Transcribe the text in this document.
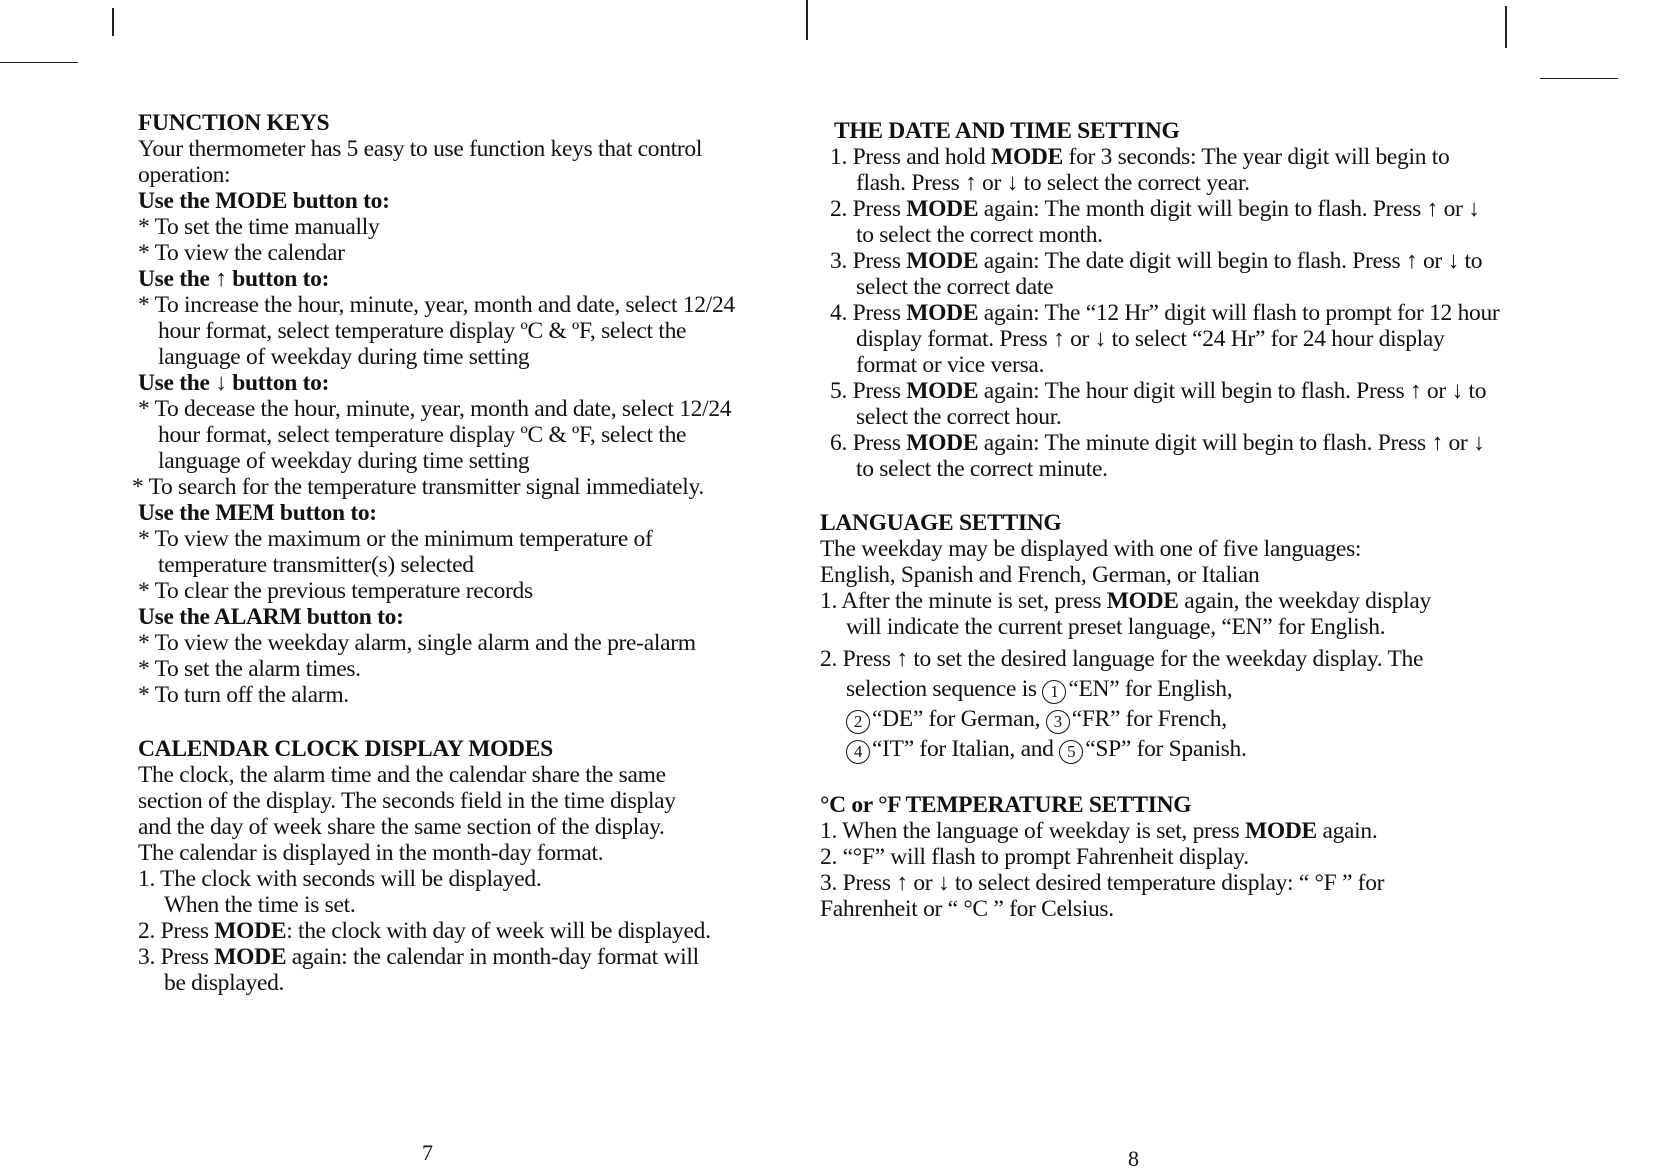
FUNCTION KEYS

Your thermometer has 5 easy to use function keys that control operation:

Use the MODE button to:
* To set the time manually
* To view the calendar
Use the ↑ button to:
* To increase the hour, minute, year, month and date, select 12/24 hour format, select temperature display ºC & ºF, select the language of weekday during time setting
Use the ↓ button to:
* To decease the hour, minute, year, month and date, select 12/24 hour format, select temperature display ºC & ºF, select the language of weekday during time setting
* To search for the temperature transmitter signal immediately.
Use the MEM button to:
* To view the maximum or the minimum temperature of temperature transmitter(s) selected
* To clear the previous temperature records
Use the ALARM button to:
* To view the weekday alarm, single alarm and the pre-alarm
* To set the alarm times.
* To turn off the alarm.
CALENDAR CLOCK DISPLAY MODES

The clock, the alarm time and the calendar share the same section of the display. The seconds field in the time display and the day of week share the same section of the display. The calendar is displayed in the month-day format.

1. The clock with seconds will be displayed.
When the time is set.
2. Press MODE: the clock with day of week will be displayed.
3. Press MODE again: the calendar in month-day format will be displayed.
7
THE DATE AND TIME SETTING
1. Press and hold MODE for 3 seconds: The year digit will begin to flash. Press ↑ or ↓ to select the correct year.
2. Press MODE again: The month digit will begin to flash. Press ↑ or ↓ to select the correct month.
3. Press MODE again: The date digit will begin to flash. Press ↑ or ↓ to select the correct date
4. Press MODE again: The “12 Hr” digit will flash to prompt for 12 hour display format. Press ↑ or ↓ to select “24 Hr” for 24 hour display format or vice versa.
5. Press MODE again: The hour digit will begin to flash. Press ↑ or ↓ to select the correct hour.
6. Press MODE again: The minute digit will begin to flash. Press ↑ or ↓ to select the correct minute.
LANGUAGE SETTING

The weekday may be displayed with one of five languages: English, Spanish and French, German, or Italian

1. After the minute is set, press MODE again, the weekday display will indicate the current preset language, “EN” for English.
2. Press ↑ to set the desired language for the weekday display. The selection sequence is 1 “EN” for English,
2 “DE” for German, 3 “FR” for French,
4 “IT” for Italian, and 5 “SP” for Spanish.
°C or °F TEMPERATURE SETTING
1. When the language of weekday is set, press MODE again.
2. “°F” will flash to prompt Fahrenheit display.
3. Press ↑ or ↓ to select desired temperature display: “ °F ” for Fahrenheit or “ °C ” for Celsius.
8
